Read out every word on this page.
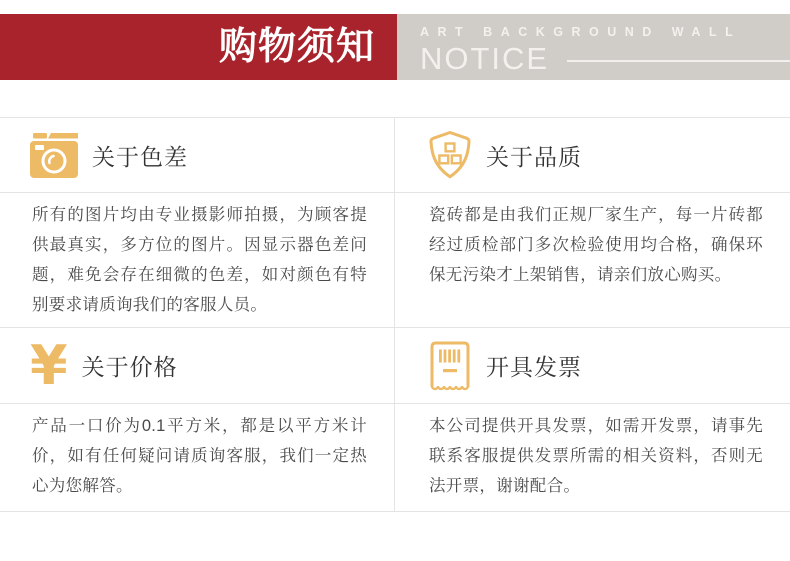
购物须知	ART BACKGROUND WALL
NOTICE
关于色差	关于品质

所有的图片均由专业摄影师拍摄，为顾客提供最真实，多方位的图片。因显示器色差问题，难免会存在细微的色差，如对颜色有特别要求请质询我们的客服人员。

瓷砖都是由我们正规厂家生产，每一片砖都经过质检部门多次检验使用均合格，确保环保无污染才上架销售，请亲们放心购买。

¥ 关于价格	开具发票

产品一口价为0.1平方米，都是以平方米计价，如有任何疑问请质询客服，我们一定热心为您解答。

本公司提供开具发票，如需开发票，请事先联系客服提供发票所需的相关资料，否则无法开票，谢谢配合。
